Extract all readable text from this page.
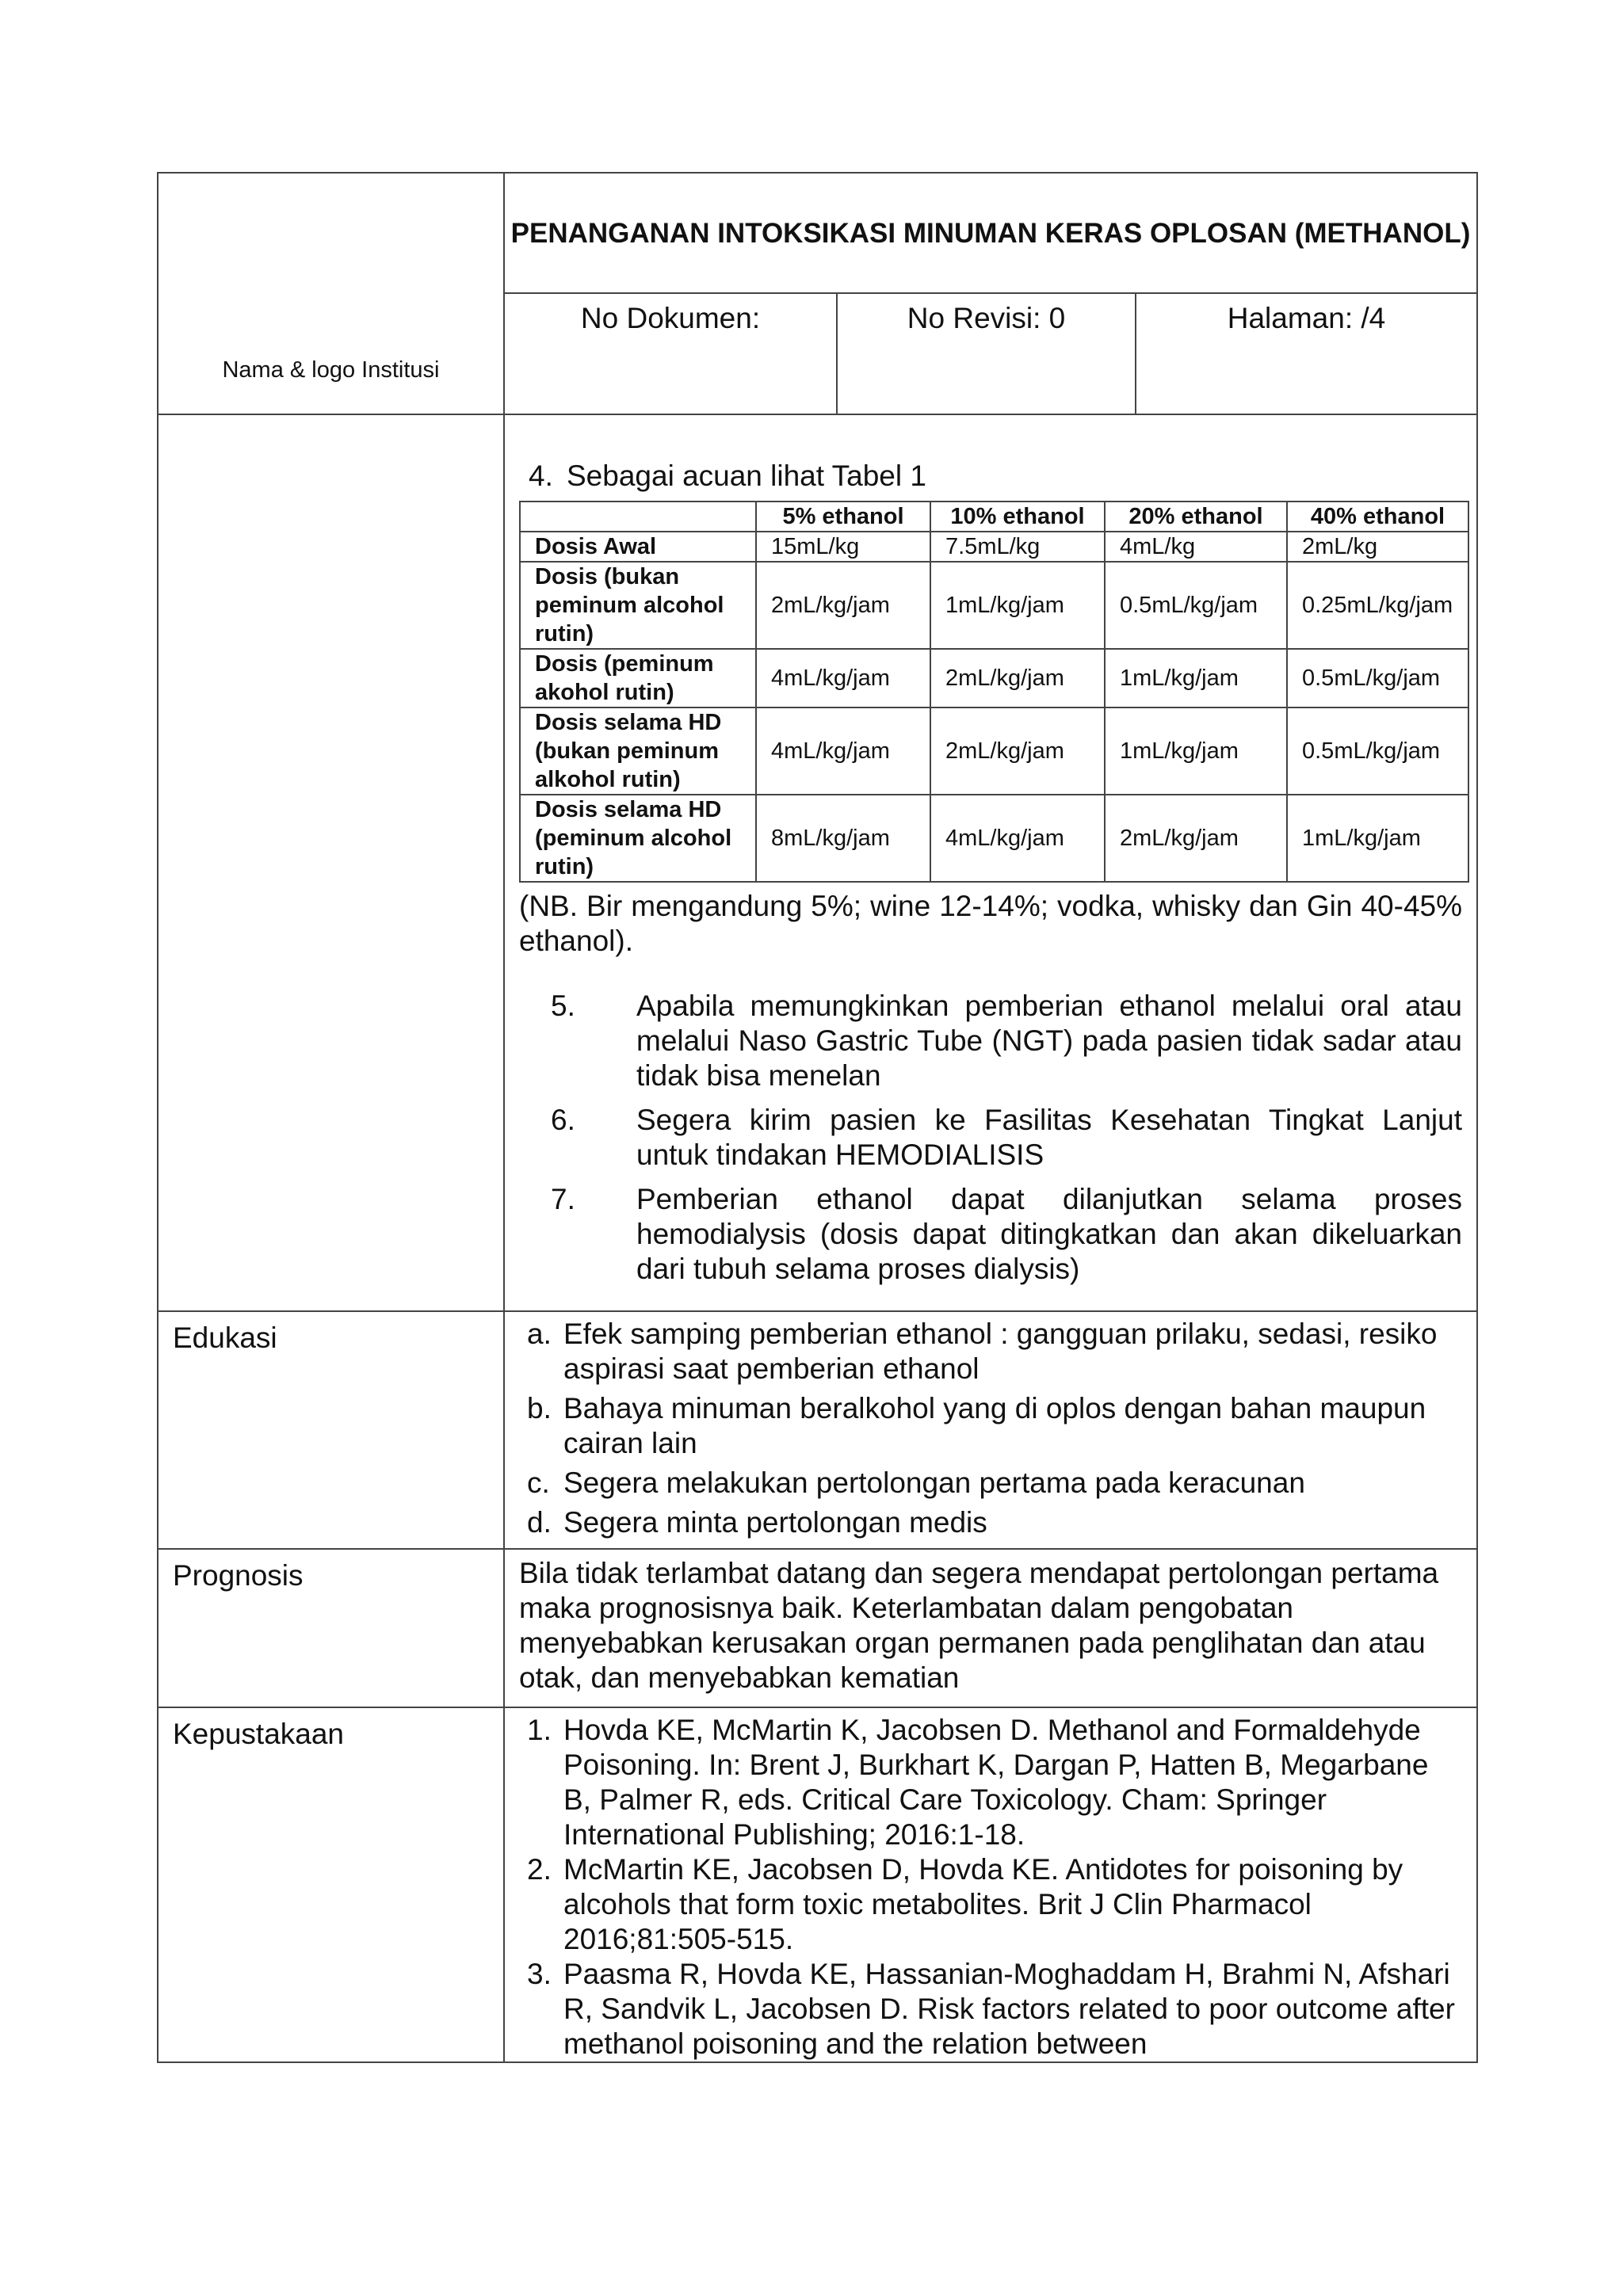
Nama & logo Institusi

PENANGANAN INTOKSIKASI MINUMAN KERAS OPLOSAN (METHANOL)
No Dokumen:	No Revisi: 0	Halaman: /4

4. Sebagai acuan lihat Tabel 1
	5% ethanol	10% ethanol	20% ethanol	40% ethanol
Dosis Awal	15mL/kg	7.5mL/kg	4mL/kg	2mL/kg
Dosis (bukan peminum alcohol rutin)	2mL/kg/jam	1mL/kg/jam	0.5mL/kg/jam	0.25mL/kg/jam
Dosis (peminum akohol rutin)	4mL/kg/jam	2mL/kg/jam	1mL/kg/jam	0.5mL/kg/jam
Dosis selama HD (bukan peminum alkohol rutin)	4mL/kg/jam	2mL/kg/jam	1mL/kg/jam	0.5mL/kg/jam
Dosis selama HD (peminum alcohol rutin)	8mL/kg/jam	4mL/kg/jam	2mL/kg/jam	1mL/kg/jam
(NB. Bir mengandung 5%; wine 12-14%; vodka, whisky dan Gin 40-45% ethanol).
5.	Apabila memungkinkan pemberian ethanol melalui oral atau melalui Naso Gastric Tube (NGT) pada pasien tidak sadar atau tidak bisa menelan
6.	Segera kirim pasien ke Fasilitas Kesehatan Tingkat Lanjut untuk tindakan HEMODIALISIS
7.	Pemberian ethanol dapat dilanjutkan selama proses hemodialysis (dosis dapat ditingkatkan dan akan dikeluarkan dari tubuh selama proses dialysis)

Edukasi	a. Efek samping pemberian ethanol : gangguan prilaku, sedasi, resiko aspirasi saat pemberian ethanol
b. Bahaya minuman beralkohol yang di oplos dengan bahan maupun cairan lain
c. Segera melakukan pertolongan pertama pada keracunan
d. Segera minta pertolongan medis

Prognosis	Bila tidak terlambat datang dan segera mendapat pertolongan pertama maka prognosisnya baik. Keterlambatan dalam pengobatan menyebabkan kerusakan organ permanen pada penglihatan dan atau otak, dan menyebabkan kematian

Kepustakaan	1. Hovda KE, McMartin K, Jacobsen D. Methanol and Formaldehyde Poisoning. In: Brent J, Burkhart K, Dargan P, Hatten B, Megarbane B, Palmer R, eds. Critical Care Toxicology. Cham: Springer International Publishing; 2016:1-18.
2. McMartin KE, Jacobsen D, Hovda KE. Antidotes for poisoning by alcohols that form toxic metabolites. Brit J Clin Pharmacol 2016;81:505-515.
3. Paasma R, Hovda KE, Hassanian-Moghaddam H, Brahmi N, Afshari R, Sandvik L, Jacobsen D. Risk factors related to poor outcome after methanol poisoning and the relation between
